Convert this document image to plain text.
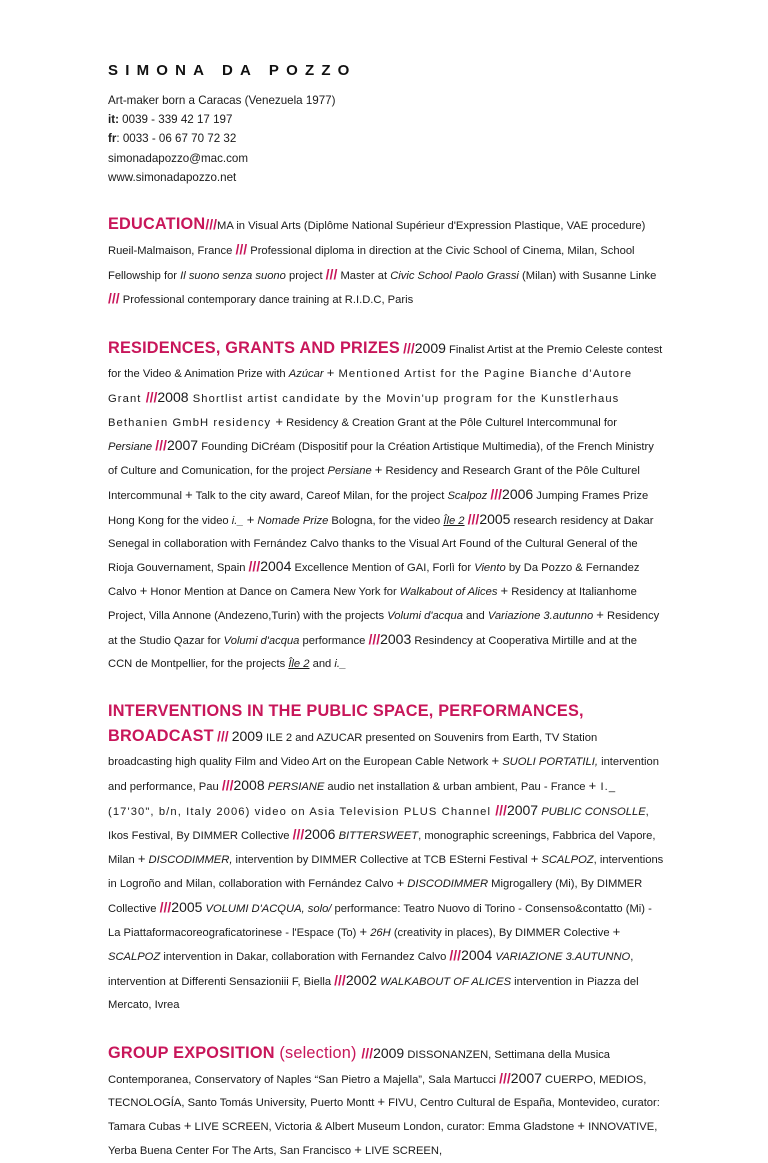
SIMONA DA POZZO

Art-maker born a Caracas (Venezuela 1977)

it: 0039 - 339 42 17 197

fr: 0033 - 06 67 70 72 32

simonadapozzo@mac.com

www.simonadapozzo.net

EDUCATION///MA in Visual Arts (Diplôme National Supérieur d'Expression Plastique, VAE procedure) Rueil-Malmaison, France /// Professional diploma in direction at the Civic School of Cinema, Milan, School Fellowship for Il suono senza suono project /// Master at Civic School Paolo Grassi (Milan) with Susanne Linke /// Professional contemporary dance training at R.I.D.C, Paris
RESIDENCES, GRANTS AND PRIZES ///2009 Finalist Artist at the Premio Celeste contest for the Video & Animation Prize with Azúcar + Mentioned Artist for the Pagine Bianche d'Autore Grant ///2008 Shortlist artist candidate by the Movin'up program for the Kunstlerhaus Bethanien GmbH residency + Residency & Creation Grant at the Pôle Culturel Intercommunal for Persiane ///2007 Founding DiCréam (Dispositif pour la Création Artistique Multimedia), of the French Ministry of Culture and Comunication, for the project Persiane + Residency and Research Grant of the Pôle Culturel Intercommunal + Talk to the city award, Careof Milan, for the project Scalpoz ///2006 Jumping Frames Prize Hong Kong for the video i._ + Nomade Prize Bologna, for the video Île 2 ///2005 research residency at Dakar Senegal in collaboration with Fernández Calvo thanks to the Visual Art Found of the Cultural General of the Rioja Gouvernament, Spain ///2004 Excellence Mention of GAI, Forlì for Viento by Da Pozzo & Fernandez Calvo + Honor Mention at Dance on Camera New York for Walkabout of Alices + Residency at Italianhome Project, Villa Annone (Andezeno,Turin) with the projects Volumi d'acqua and Variazione 3.autunno + Residency at the Studio Qazar for Volumi d'acqua performance ///2003 Resindency at Cooperativa Mirtille and at the CCN de Montpellier, for the projects Île 2 and i._
INTERVENTIONS IN THE PUBLIC SPACE, PERFORMANCES, BROADCAST /// 2009 ILE 2 and AZUCAR presented on Souvenirs from Earth, TV Station broadcasting high quality Film and Video Art on the European Cable Network + SUOLI PORTATILI, intervention and performance, Pau ///2008 PERSIANE audio net installation & urban ambient, Pau - France + I._ (17'30", b/n, Italy 2006) video on Asia Television PLUS Channel ///2007 PUBLIC CONSOLLE, Ikos Festival, By DIMMER Collective ///2006 BITTERSWEET, monographic screenings, Fabbrica del Vapore, Milan + DISCODIMMER, intervention by DIMMER Collective at TCB ESterni Festival + SCALPOZ, interventions in Logroño and Milan, collaboration with Fernández Calvo + DISCODIMMER Migrogallery (Mi), By DIMMER Collective ///2005 VOLUMI D'ACQUA, solo/ performance: Teatro Nuovo di Torino - Consenso&contatto (Mi) - La Piattaformacoreograficatorinese - l'Espace (To) + 26H (creativity in places), By DIMMER Colective + SCALPOZ intervention in Dakar, collaboration with Fernandez Calvo ///2004 VARIAZIONE 3.AUTUNNO, intervention at Differenti Sensazioniii F, Biella ///2002 WALKABOUT OF ALICES intervention in Piazza del Mercato, Ivrea
GROUP EXPOSITION (selection) ///2009 DISSONANZEN, Settimana della Musica Contemporanea, Conservatory of Naples “San Pietro a Majella”, Sala Martucci ///2007 CUERPO, MEDIOS, TECNOLOGÍA, Santo Tomás University, Puerto Montt + FIVU, Centro Cultural de España, Montevideo, curator: Tamara Cubas + LIVE SCREEN, Victoria & Albert Museum London, curator: Emma Gladstone + INNOVATIVE, Yerba Buena Center For The Arts, San Francisco + LIVE SCREEN,
